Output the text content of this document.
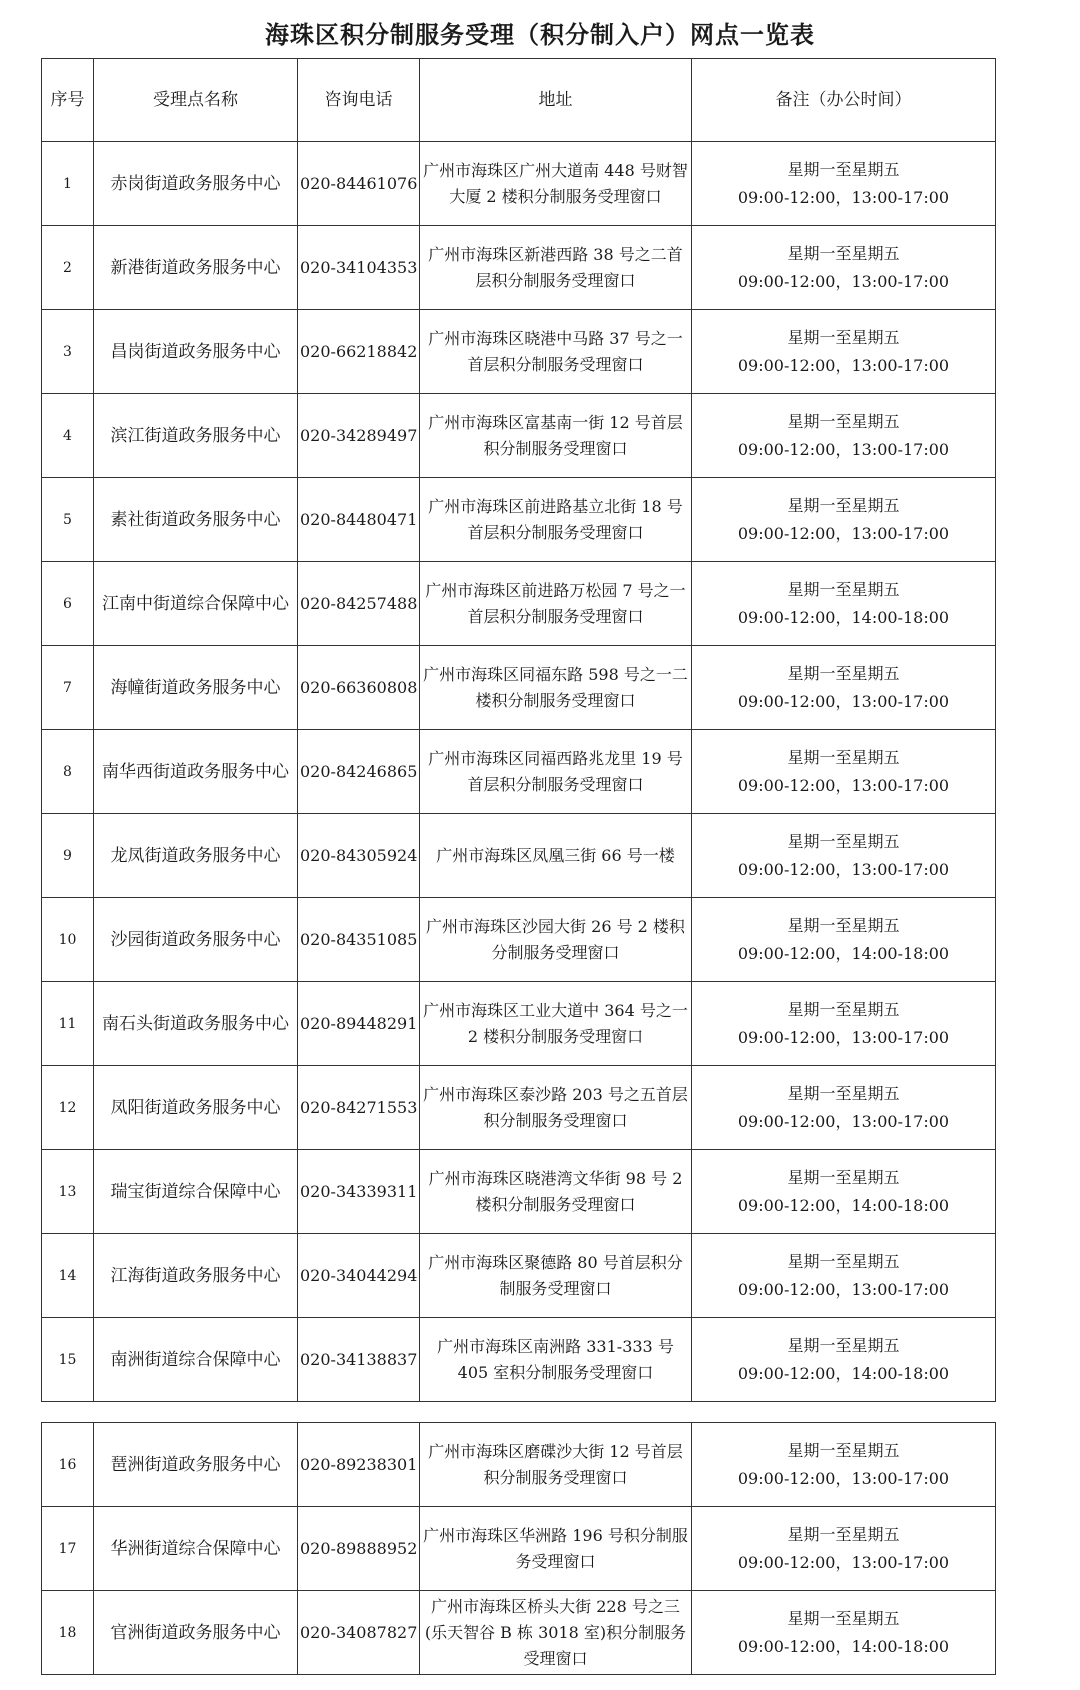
海珠区积分制服务受理（积分制入户）网点一览表
序号	受理点名称	咨询电话	地址	备注（办公时间）
1	赤岗街道政务服务中心	020-84461076	广州市海珠区广州大道南 448 号财智大厦 2 楼积分制服务受理窗口	星期一至星期五
09:00-12:00，13:00-17:00

2	新港街道政务服务中心	020-34104353	广州市海珠区新港西路 38 号之二首层积分制服务受理窗口	星期一至星期五
09:00-12:00，13:00-17:00

3	昌岗街道政务服务中心	020-66218842	广州市海珠区晓港中马路 37 号之一首层积分制服务受理窗口	星期一至星期五
09:00-12:00，13:00-17:00

4	滨江街道政务服务中心	020-34289497	广州市海珠区富基南一街 12 号首层积分制服务受理窗口	星期一至星期五
09:00-12:00，13:00-17:00

5	素社街道政务服务中心	020-84480471	广州市海珠区前进路基立北街 18 号首层积分制服务受理窗口	星期一至星期五
09:00-12:00，13:00-17:00

6	江南中街道综合保障中心	020-84257488	广州市海珠区前进路万松园 7 号之一首层积分制服务受理窗口	星期一至星期五
09:00-12:00，14:00-18:00

7	海幢街道政务服务中心	020-66360808	广州市海珠区同福东路 598 号之一二楼积分制服务受理窗口	星期一至星期五
09:00-12:00，13:00-17:00

8	南华西街道政务服务中心	020-84246865	广州市海珠区同福西路兆龙里 19 号首层积分制服务受理窗口	星期一至星期五
09:00-12:00，13:00-17:00

9	龙凤街道政务服务中心	020-84305924	广州市海珠区凤凰三街 66 号一楼	星期一至星期五
09:00-12:00，13:00-17:00

10	沙园街道政务服务中心	020-84351085	广州市海珠区沙园大街 26 号 2 楼积分制服务受理窗口	星期一至星期五
09:00-12:00，14:00-18:00

11	南石头街道政务服务中心	020-89448291	广州市海珠区工业大道中 364 号之一 2 楼积分制服务受理窗口	星期一至星期五
09:00-12:00，13:00-17:00

12	凤阳街道政务服务中心	020-84271553	广州市海珠区泰沙路 203 号之五首层积分制服务受理窗口	星期一至星期五
09:00-12:00，13:00-17:00

13	瑞宝街道综合保障中心	020-34339311	广州市海珠区晓港湾文华街 98 号 2 楼积分制服务受理窗口	星期一至星期五
09:00-12:00，14:00-18:00

14	江海街道政务服务中心	020-34044294	广州市海珠区聚德路 80 号首层积分制服务受理窗口	星期一至星期五
09:00-12:00，13:00-17:00

15	南洲街道综合保障中心	020-34138837	广州市海珠区南洲路 331-333 号405 室积分制服务受理窗口	星期一至星期五
09:00-12:00，14:00-18:00
16	琶洲街道政务服务中心	020-89238301	广州市海珠区磨碟沙大街 12 号首层积分制服务受理窗口	星期一至星期五
09:00-12:00，13:00-17:00

17	华洲街道综合保障中心	020-89888952	广州市海珠区华洲路 196 号积分制服务受理窗口	星期一至星期五
09:00-12:00，13:00-17:00

18	官洲街道政务服务中心	020-34087827	广州市海珠区桥头大街 228 号之三(乐天智谷 B 栋 3018 室)积分制服务受理窗口	星期一至星期五
09:00-12:00，14:00-18:00
